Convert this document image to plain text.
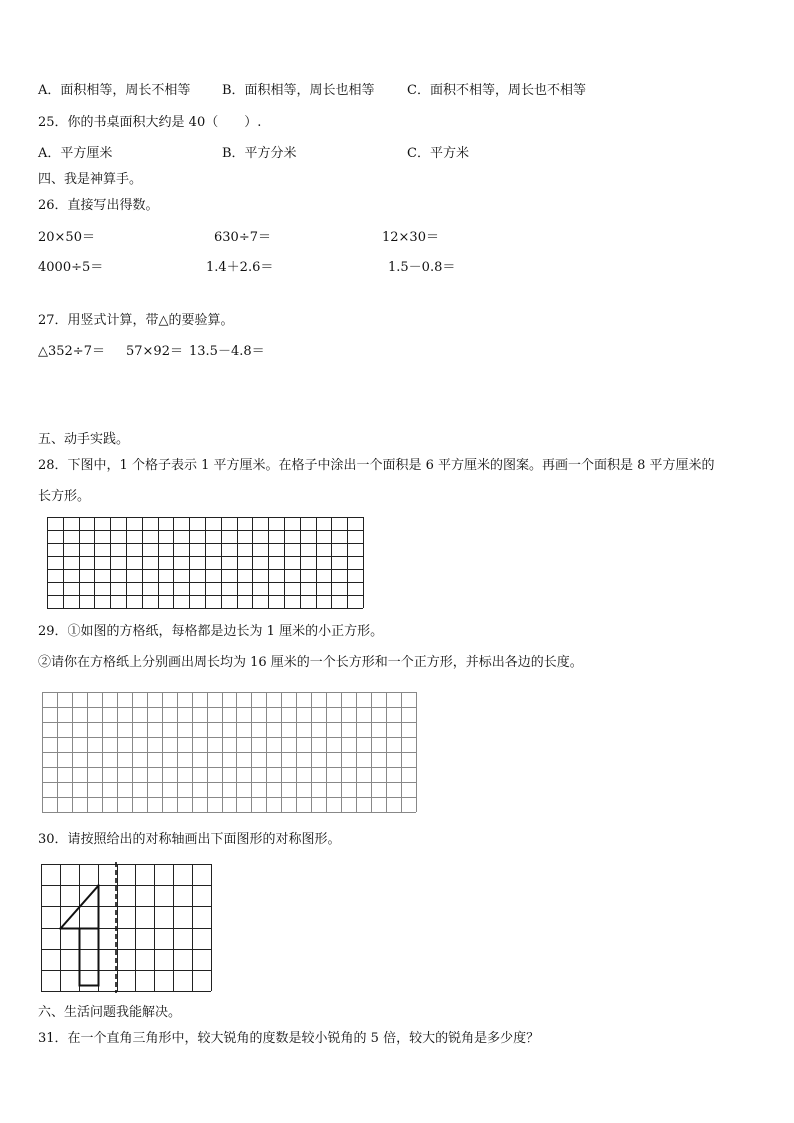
A．面积相等，周长不相等 B．面积相等，周长也相等 C．面积不相等，周长也不相等
25．你的书桌面积大约是 40（　　）.
A．平方厘米	B．平方分米	C．平方米
四、我是神算手。
26．直接写出得数。
20×50＝	630÷7＝	12×30＝
4000÷5＝	1.4＋2.6＝	1.5－0.8＝
27．用竖式计算，带△的要验算。
△352÷7＝ 57×92＝ 13.5－4.8＝
五、动手实践。
28．下图中，1 个格子表示 1 平方厘米。在格子中涂出一个面积是 6 平方厘米的图案。再画一个面积是 8 平方厘米的
长方形。
29．①如图的方格纸，每格都是边长为 1 厘米的小正方形。
②请你在方格纸上分别画出周长均为 16 厘米的一个长方形和一个正方形，并标出各边的长度。
30．请按照给出的对称轴画出下面图形的对称图形。
六、生活问题我能解决。
31．在一个直角三角形中，较大锐角的度数是较小锐角的 5 倍，较大的锐角是多少度？
